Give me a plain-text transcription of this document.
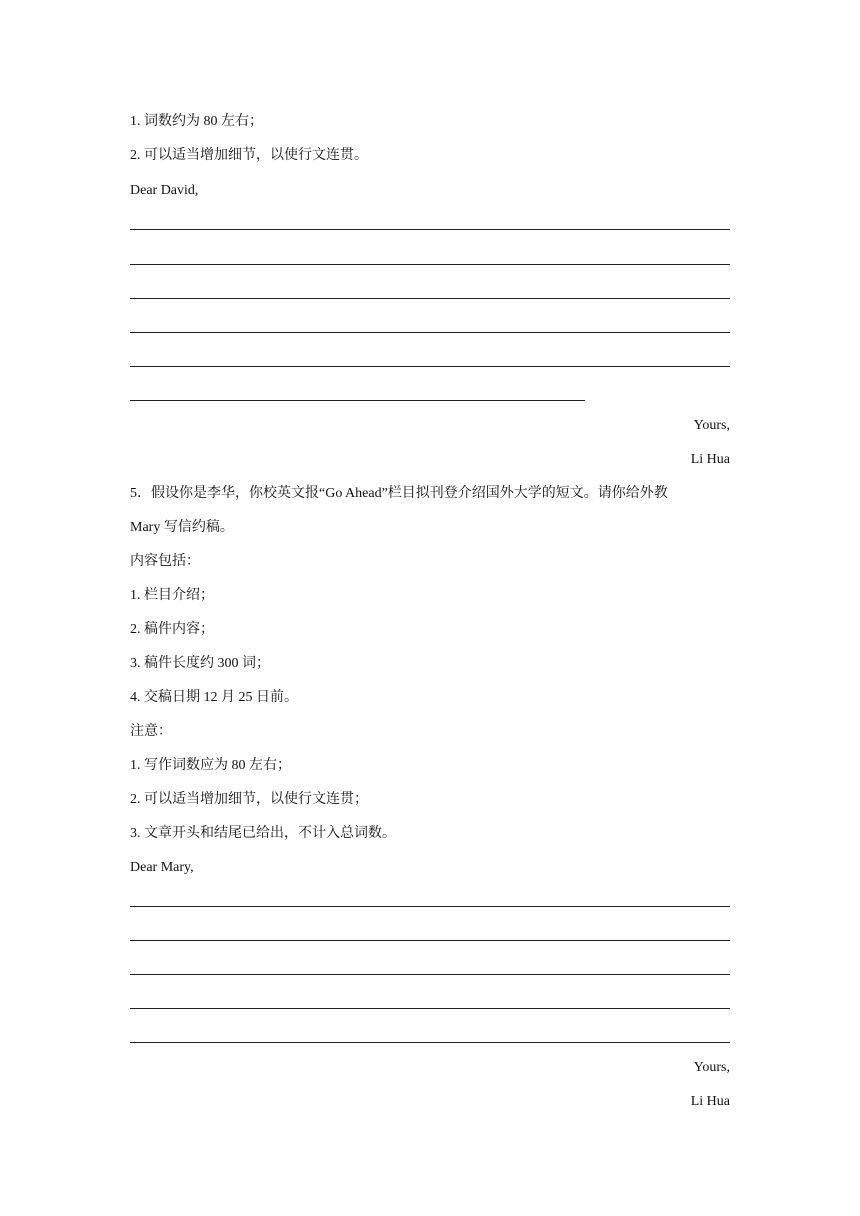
1. 词数约为 80 左右；
2. 可以适当增加细节，以使行文连贯。
Dear David,
Yours,
Li Hua
5．假设你是李华，你校英文报“Go Ahead”栏目拟刊登介绍国外大学的短文。请你给外教
Mary 写信约稿。
内容包括：
1. 栏目介绍；
2. 稿件内容；
3. 稿件长度约 300 词；
4. 交稿日期 12 月 25 日前。
注意：
1. 写作词数应为 80 左右；
2. 可以适当增加细节，以使行文连贯；
3. 文章开头和结尾已给出，不计入总词数。
Dear Mary,
Yours,
Li Hua
